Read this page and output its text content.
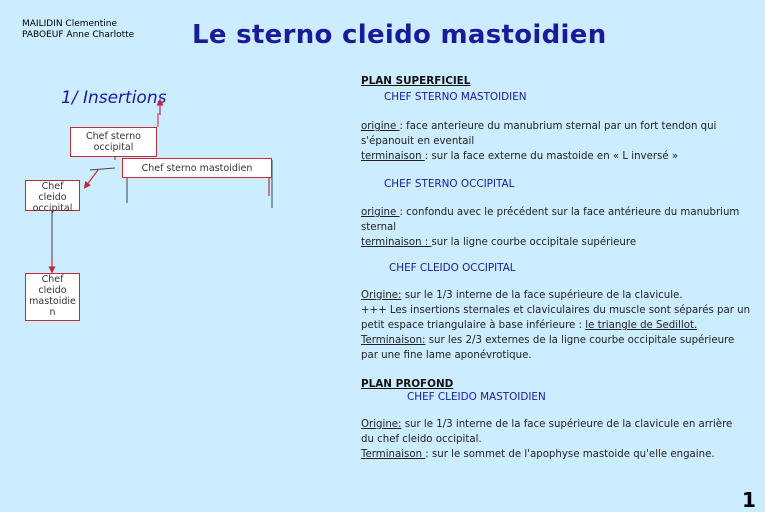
MAILIDIN Clementine
PABOEUF Anne Charlotte Le sterno cleido mastoidien
1/ Insertions
Chef sterno
occipital
Chef sterno mastoidien
Chef
cleido
occipital
Chef
cleido
mastoidie
n
PLAN SUPERFICIEL
CHEF STERNO MASTOIDIEN
origine : face anterieure du manubrium sternal par un fort tendon qui
s'épanouit en eventail
terminaison : sur la face externe du mastoide en « L inversé »
CHEF STERNO OCCIPITAL
origine : confondu avec le précédent sur la face antérieure du manubrium
sternal
terminaison : sur la ligne courbe occipitale supérieure
CHEF CLEIDO OCCIPITAL
Origine: sur le 1/3 interne de la face supérieure de la clavicule.
+++ Les insertions sternales et claviculaires du muscle sont séparés par un
petit espace triangulaire à base inférieure : le triangle de Sedillot.
Terminaison: sur les 2/3 externes de la ligne courbe occipitale supérieure
par une fine lame aponévrotique.
PLAN PROFOND
CHEF CLEIDO MASTOIDIEN
Origine: sur le 1/3 interne de la face supérieure de la clavicule en arrière
du chef cleido occipital.
Terminaison : sur le sommet de l'apophyse mastoide qu'elle engaine.
1
